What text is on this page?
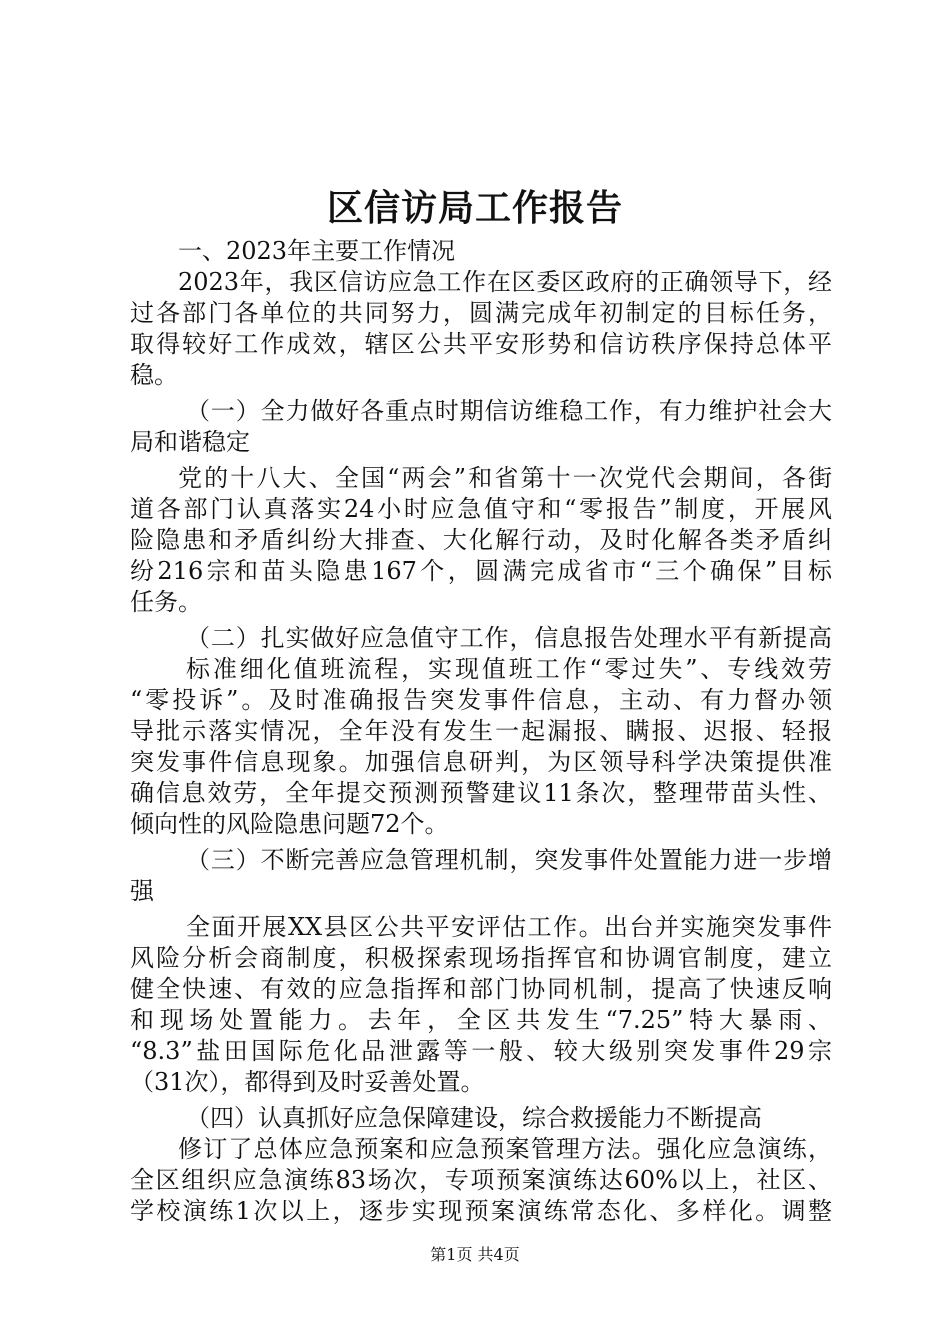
区信访局工作报告
一、2023年主要工作情况
2023年，我区信访应急工作在区委区政府的正确领导下，经
过各部门各单位的共同努力，圆满完成年初制定的目标任务，
取得较好工作成效，辖区公共平安形势和信访秩序保持总体平
稳。
（一）全力做好各重点时期信访维稳工作，有力维护社会大
局和谐稳定
党的十八大、全国“两会”和省第十一次党代会期间，各街
道各部门认真落实24小时应急值守和“零报告”制度，开展风
险隐患和矛盾纠纷大排查、大化解行动，及时化解各类矛盾纠
纷216宗和苗头隐患167个，圆满完成省市“三个确保”目标
任务。
（二）扎实做好应急值守工作，信息报告处理水平有新提高
标准细化值班流程，实现值班工作“零过失”、专线效劳
“零投诉”。及时准确报告突发事件信息，主动、有力督办领
导批示落实情况，全年没有发生一起漏报、瞒报、迟报、轻报
突发事件信息现象。加强信息研判，为区领导科学决策提供准
确信息效劳，全年提交预测预警建议11条次，整理带苗头性、
倾向性的风险隐患问题72个。
（三）不断完善应急管理机制，突发事件处置能力进一步增
强
全面开展XX县区公共平安评估工作。出台并实施突发事件
风险分析会商制度，积极探索现场指挥官和协调官制度，建立
健全快速、有效的应急指挥和部门协同机制，提高了快速反响
和现场处置能力。去年，全区共发生“7.25”特大暴雨、
“8.3”盐田国际危化品泄露等一般、较大级别突发事件29宗
（31次），都得到及时妥善处置。
（四）认真抓好应急保障建设，综合救援能力不断提高
修订了总体应急预案和应急预案管理方法。强化应急演练，
全区组织应急演练83场次，专项预案演练达60%以上，社区、
学校演练1次以上，逐步实现预案演练常态化、多样化。调整
第1页 共4页
